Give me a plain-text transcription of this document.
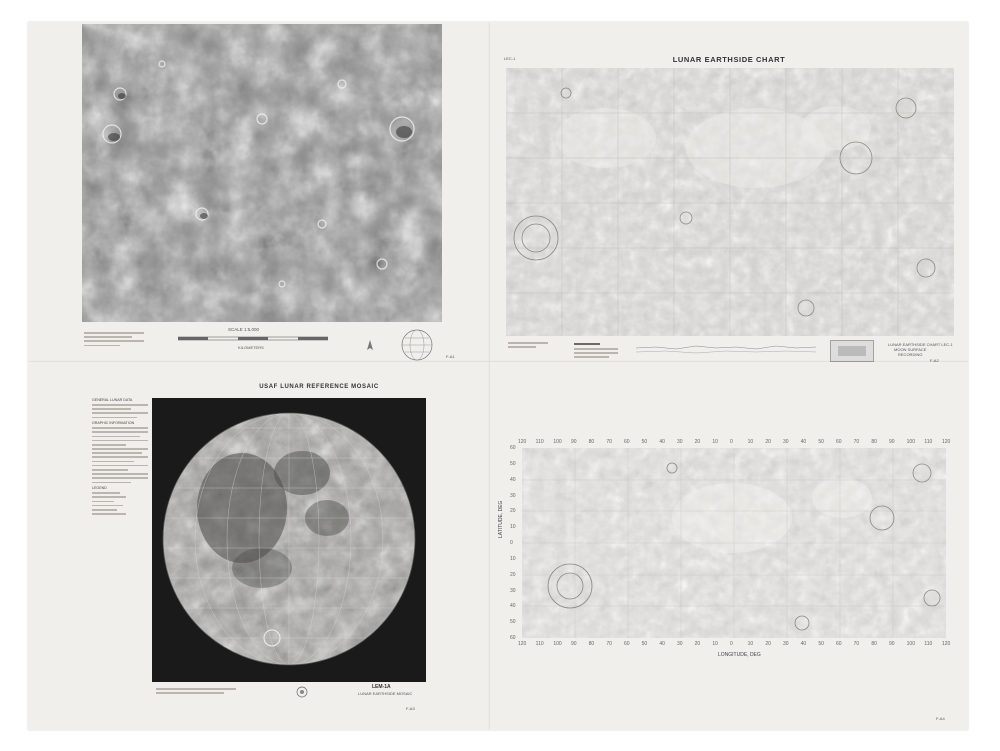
SCALE 1:5,000
KILOMETERS
F-A1
LEC-1	LUNAR EARTHSIDE CHART
LUNAR EARTHSIDE CHART LEC-1
MOON SURFACE
RECORDING
F-A2
USAF LUNAR REFERENCE MOSAIC
GENERAL LUNAR DATA
GRAPHIC INFORMATION
LEGEND
LEM-1A
LUNAR EARTHSIDE MOSAIC
F-A3
120 110 100 90 80 70 60 50 40 30 20 10 0	10 20 30 40 50 60 70 80 90 100 110 120
120 110 100 90 80 70 60 50 40 30 20 10 0	10 20 30 40 50 60 70 80 90 100 110 120
60
50
40
30
20
10
0
10
20
30
40
50
60
LONGITUDE, DEG
LATITUDE, DEG
F-A4
